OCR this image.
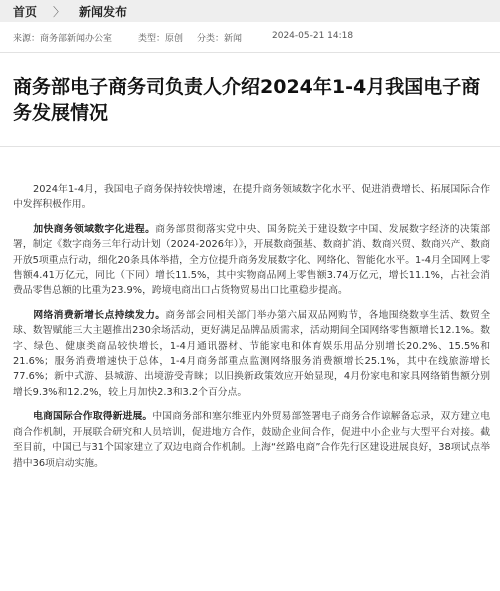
首页	〉	新闻发布
来源：商务部新闻办公室	类型：原创 分类：新闻	2024-05-21 14:18
商务部电子商务司负责人介绍2024年1-4月我国电子商务发展情况

2024年1-4月，我国电子商务保持较快增速，在提升商务领域数字化水平、促进消费增长、拓展国际合作中发挥积极作用。

加快商务领域数字化进程。商务部贯彻落实党中央、国务院关于建设数字中国、发展数字经济的决策部署，制定《数字商务三年行动计划（2024-2026年）》，开展数商强基、数商扩消、数商兴贸、数商兴产、数商开放5项重点行动，细化20条具体举措，全方位提升商务发展数字化、网络化、智能化水平。1-4月全国网上零售额4.41万亿元，同比（下同）增长11.5%，其中实物商品网上零售额3.74万亿元，增长11.1%，占社会消费品零售总额的比重为23.9%，跨境电商出口占货物贸易出口比重稳步提高。

网络消费新增长点持续发力。商务部会同相关部门举办第六届双品网购节，各地围绕数享生活、数贸全球、数智赋能三大主题推出230余场活动，更好满足品牌品质需求，活动期间全国网络零售额增长12.1%。数字、绿色、健康类商品较快增长，1-4月通讯器材、节能家电和体育娱乐用品分别增长20.2%、15.5%和21.6%；服务消费增速快于总体，1-4月商务部重点监测网络服务消费额增长25.1%，其中在线旅游增长77.6%；新中式游、县城游、出境游受青睐；以旧换新政策效应开始显现，4月份家电和家具网络销售额分别增长9.3%和12.2%，较上月加快2.3和3.2个百分点。

电商国际合作取得新进展。中国商务部和塞尔维亚内外贸易部签署电子商务合作谅解备忘录，双方建立电商合作机制，开展联合研究和人员培训，促进地方合作，鼓励企业间合作，促进中小企业与大型平台对接。截至目前，中国已与31个国家建立了双边电商合作机制。上海“丝路电商”合作先行区建设进展良好，38项试点举措中36项启动实施。
